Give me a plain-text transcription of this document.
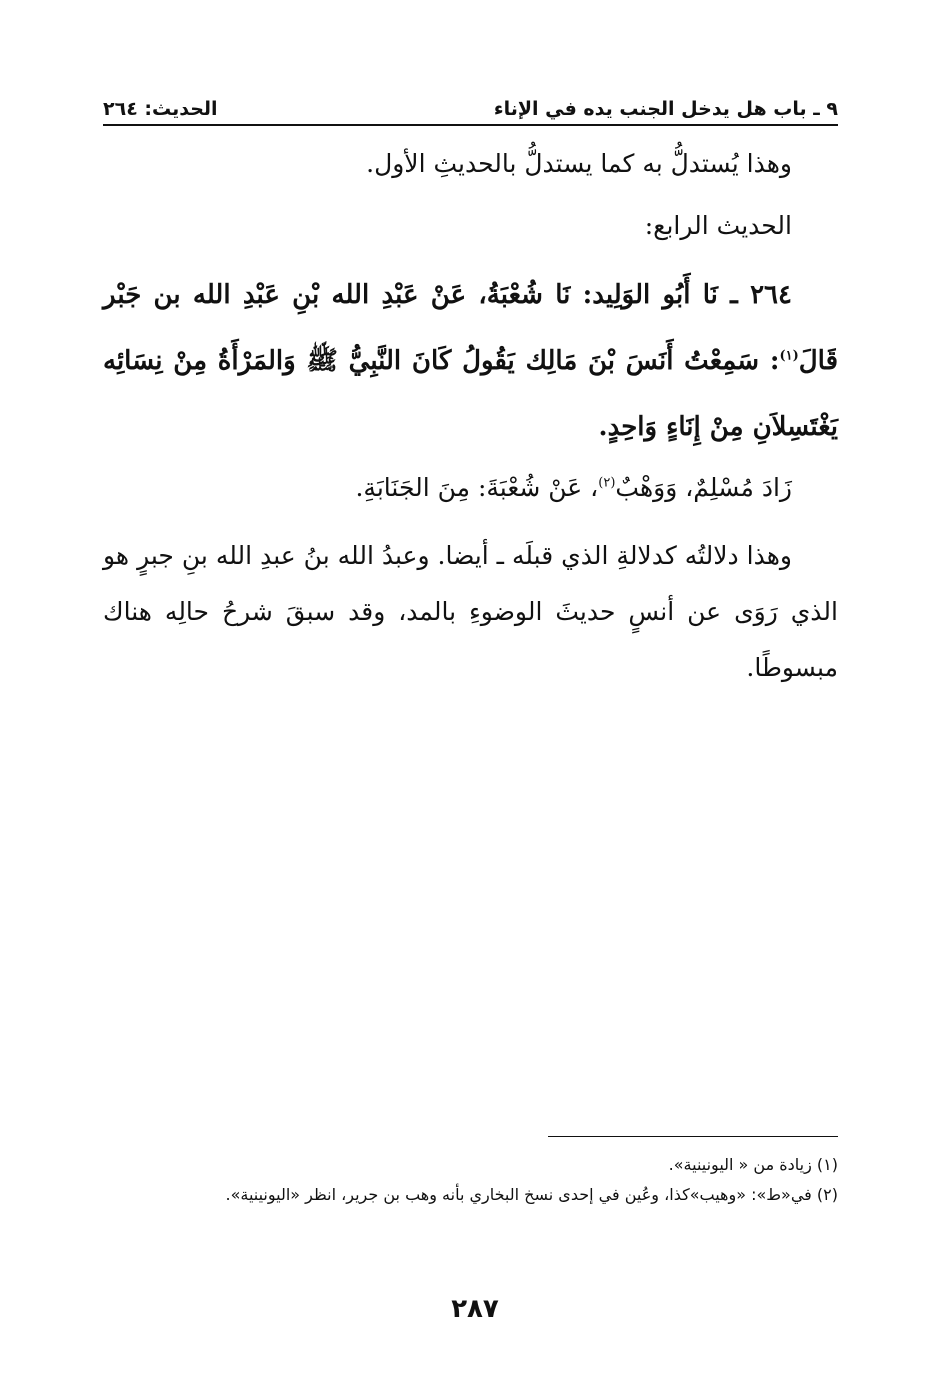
٩ ـ باب هل يدخل الجنب يده في الإناء
الحديث: ٢٦٤

وهذا يُستدلُّ به كما يستدلُّ بالحديثِ الأول.

الحديث الرابع:

٢٦٤ ـ نَا أَبُو الوَلِيد: نَا شُعْبَةُ، عَنْ عَبْدِ الله بْنِ عَبْدِ الله بن جَبْر قَالَ$^{(١)}$: سَمِعْتُ أَنَسَ بْنَ مَالِك يَقُولُ كَانَ النَّبِيُّ ﷺ وَالمَرْأَةُ مِنْ نِسَائِه يَغْتَسِلاَنِ مِنْ إِنَاءٍ وَاحِدٍ.

زَادَ مُسْلِمٌ، وَوَهْبٌ$^{(٢)}$، عَنْ شُعْبَةَ: مِنَ الجَنَابَةِ.

وهذا دلالتُه كدلالةِ الذي قبلَه ـ أيضا. وعبدُ الله بنُ عبدِ الله بنِ جبرٍ هو الذي رَوَى عن أنسٍ حديثَ الوضوءِ بالمد، وقد سبقَ شرحُ حالِه هناك مبسوطًا.

(١) زيادة من « اليونينية».
(٢) في«ط»: «وهيب»كذا، وعُين في إحدى نسخ البخاري بأنه وهب بن جرير، انظر «اليونينية».
٢٨٧
